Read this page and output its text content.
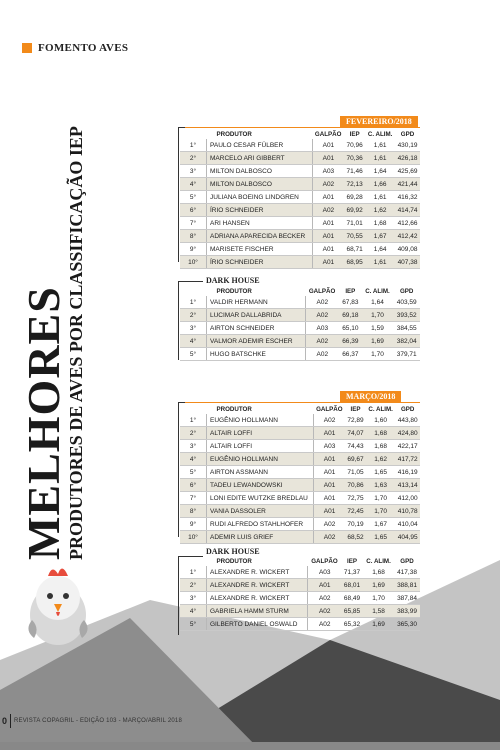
FOMENTO AVES
MELHORES
PRODUTORES DE AVES POR CLASSIFICAÇÃO IEP
FEVEREIRO/2018
	PRODUTOR	GALPÃO	IEP	C. ALIM.	GPD
1°	PAULO CESAR FÜLBER	A01	70,96	1,61	430,19
2°	MARCELO ARI GIBBERT	A01	70,36	1,61	426,18
3°	MILTON DALBOSCO	A03	71,46	1,64	425,69
4°	MILTON DALBOSCO	A02	72,13	1,66	421,44
5°	JULIANA BOEING LINDGREN	A01	69,28	1,61	416,32
6°	ÍRIO SCHNEIDER	A02	69,92	1,62	414,74
7°	ARI HANSEN	A01	71,01	1,68	412,66
8°	ADRIANA APARECIDA BECKER	A01	70,55	1,67	412,42
9°	MARISETE FISCHER	A01	68,71	1,64	409,08
10°	ÍRIO SCHNEIDER	A01	68,95	1,61	407,38
DARK HOUSE
	PRODUTOR	GALPÃO	IEP	C. ALIM.	GPD
1°	VALDIR HERMANN	A02	67,83	1,64	403,59
2°	LUCIMAR DALLABRIDA	A02	69,18	1,70	393,52
3°	AIRTON SCHNEIDER	A03	65,10	1,59	384,55
4°	VALMOR ADEMIR ESCHER	A02	66,39	1,69	382,04
5°	HUGO BATSCHKE	A02	66,37	1,70	379,71
MARÇO/2018
	PRODUTOR	GALPÃO	IEP	C. ALIM.	GPD
1°	EUGÊNIO HOLLMANN	A02	72,89	1,60	443,80
2°	ALTAIR LOFFI	A01	74,07	1,68	424,80
3°	ALTAIR LOFFI	A03	74,43	1,68	422,17
4°	EUGÊNIO HOLLMANN	A01	69,67	1,62	417,72
5°	AIRTON ASSMANN	A01	71,05	1,65	416,19
6°	TADEU LEWANDOWSKI	A01	70,86	1,63	413,14
7°	LONI EDITE WUTZKE BREDLAU	A01	72,75	1,70	412,00
8°	VANIA DASSOLER	A01	72,45	1,70	410,78
9°	RUDI ALFREDO STAHLHOFER	A02	70,19	1,67	410,04
10°	ADEMIR LUIS GRIEF	A02	68,52	1,65	404,95
DARK HOUSE
	PRODUTOR	GALPÃO	IEP	C. ALIM.	GPD
1°	ALEXANDRE R. WICKERT	A03	71,37	1,68	417,38
2°	ALEXANDRE R. WICKERT	A01	68,01	1,69	388,81
3°	ALEXANDRE R. WICKERT	A02	68,49	1,70	387,84
4°	GABRIELA HAMM STURM	A02	65,85	1,58	383,99
5°	GILBERTO DANIEL OSWALD	A02	65,32	1,69	365,30
0 REVISTA COPAGRIL - EDIÇÃO 103 - MARÇO/ABRIL 2018
